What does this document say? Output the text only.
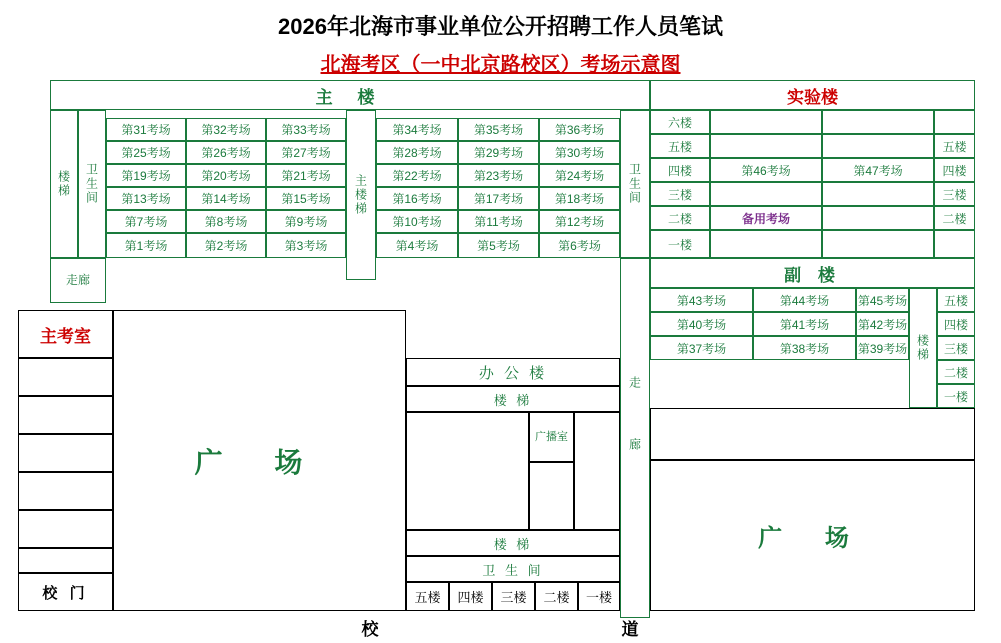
2026年北海市事业单位公开招聘工作人员笔试
北海考区（一中北京路校区）考场示意图
主 楼	实验楼
楼梯 卫生间	主楼梯	卫生间
走廊
第31考场	第32考场	第33考场	第34考场	第35考场	第36考场
第25考场	第26考场	第27考场	第28考场	第29考场	第30考场
第19考场	第20考场	第21考场	第22考场	第23考场	第24考场
第13考场	第14考场	第15考场	第16考场	第17考场	第18考场
第7考场	第8考场	第9考场	第10考场	第11考场	第12考场
第1考场	第2考场	第3考场	第4考场	第5考场	第6考场
六楼
五楼	五楼
四楼	第46考场	第47考场	四楼
三楼	三楼
二楼	备用考场	二楼
一楼
副 楼
第43考场	第44考场	第45考场
第40考场	第41考场	第42考场
第37考场	第38考场	第39考场 楼梯
五楼
四楼
三楼
二楼
一楼
走廊
主考室
校 门
广 场
办 公 楼
楼 梯
广播室
楼 梯
卫 生 间
五楼	四楼	三楼	二楼	一楼
广 场
校	道
